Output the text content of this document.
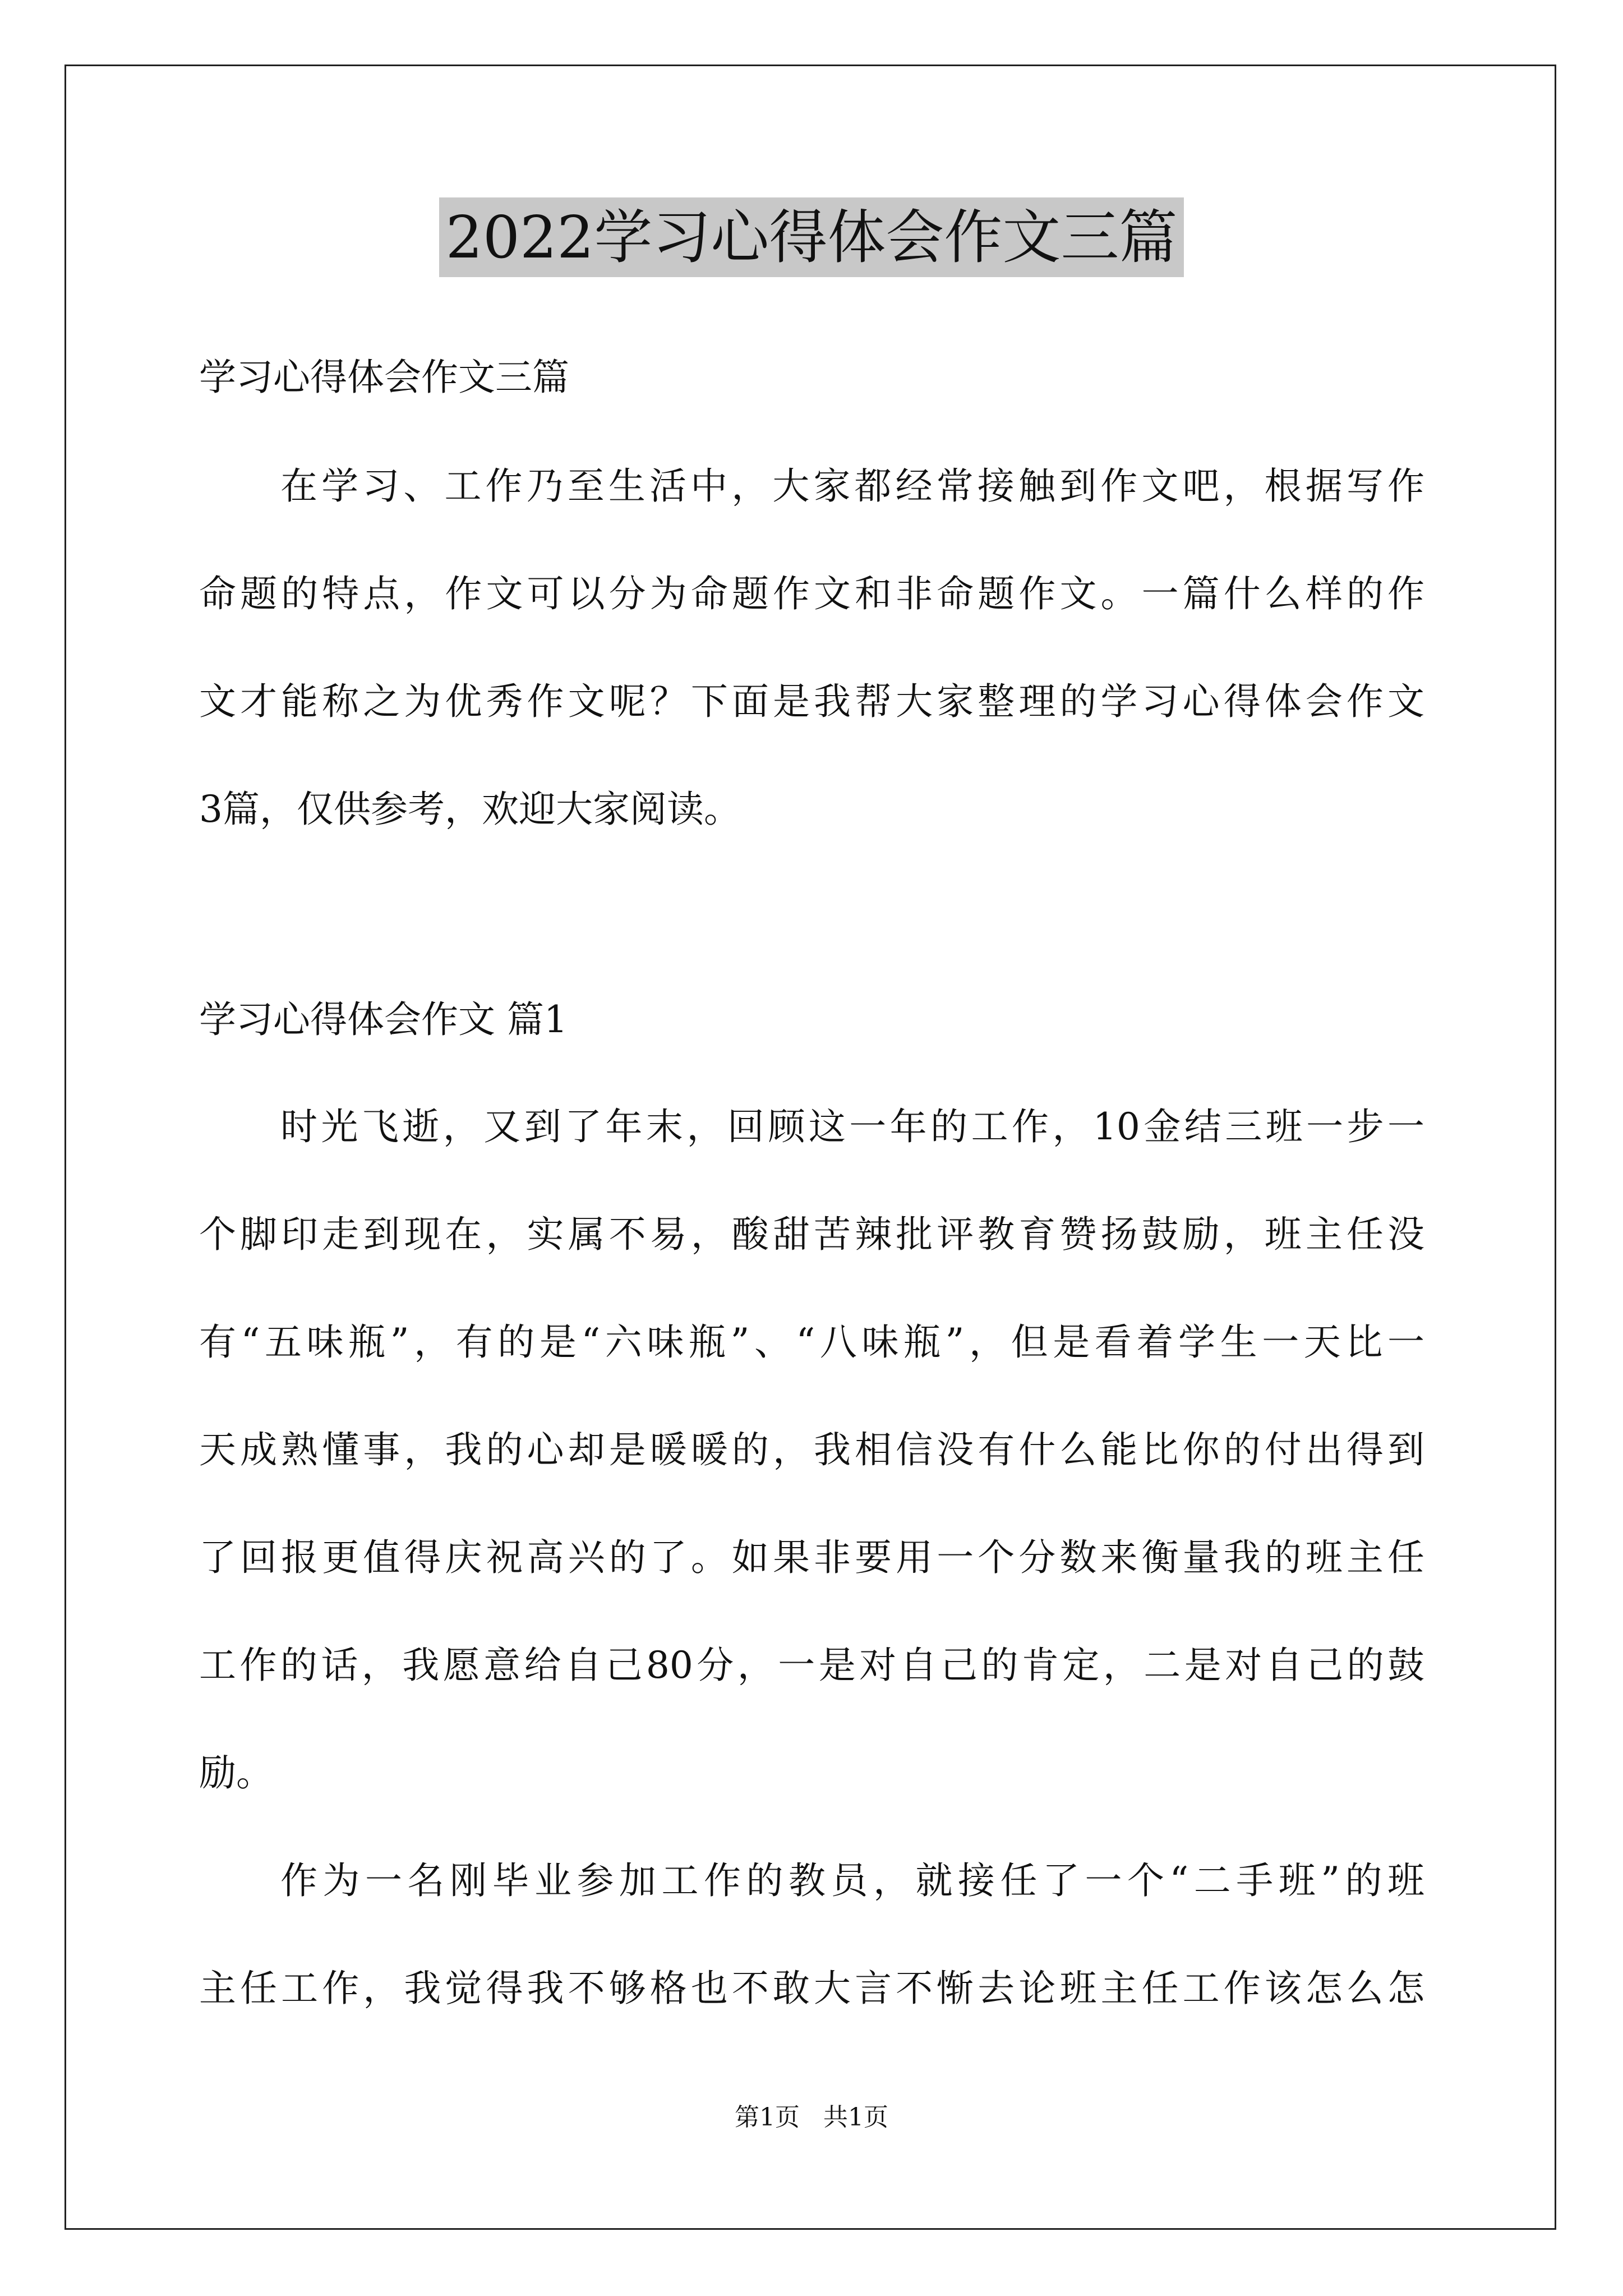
2022学习心得体会作文三篇

学习心得体会作文三篇

在学习、工作乃至生活中，大家都经常接触到作文吧，根据写作

命题的特点，作文可以分为命题作文和非命题作文。一篇什么样的作

文才能称之为优秀作文呢？下面是我帮大家整理的学习心得体会作文

3篇，仅供参考，欢迎大家阅读。

学习心得体会作文 篇1

时光飞逝，又到了年末，回顾这一年的工作，10金结三班一步一

个脚印走到现在，实属不易，酸甜苦辣批评教育赞扬鼓励，班主任没

有“五味瓶”，有的是“六味瓶”、“八味瓶”，但是看着学生一天比一

天成熟懂事，我的心却是暖暖的，我相信没有什么能比你的付出得到

了回报更值得庆祝高兴的了。如果非要用一个分数来衡量我的班主任

工作的话，我愿意给自己80分，一是对自己的肯定，二是对自己的鼓

励。

作为一名刚毕业参加工作的教员，就接任了一个“二手班”的班

主任工作，我觉得我不够格也不敢大言不惭去论班主任工作该怎么怎

第1页 共1页
